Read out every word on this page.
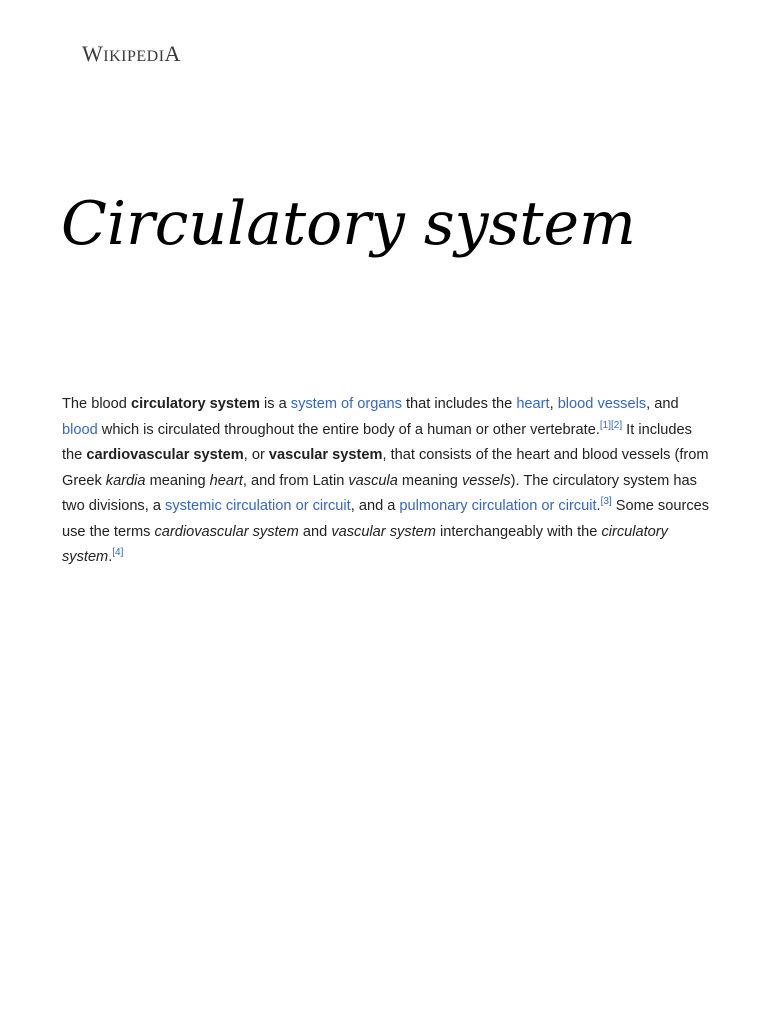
WIKIPEDIA
Circulatory system

The blood circulatory system is a system of organs that includes the heart, blood vessels, and blood which is circulated throughout the entire body of a human or other vertebrate.[1][2] It includes the cardiovascular system, or vascular system, that consists of the heart and blood vessels (from Greek kardia meaning heart, and from Latin vascula meaning vessels). The circulatory system has two divisions, a systemic circulation or circuit, and a pulmonary circulation or circuit.[3] Some sources use the terms cardiovascular system and vascular system interchangeably with the circulatory system.[4]
